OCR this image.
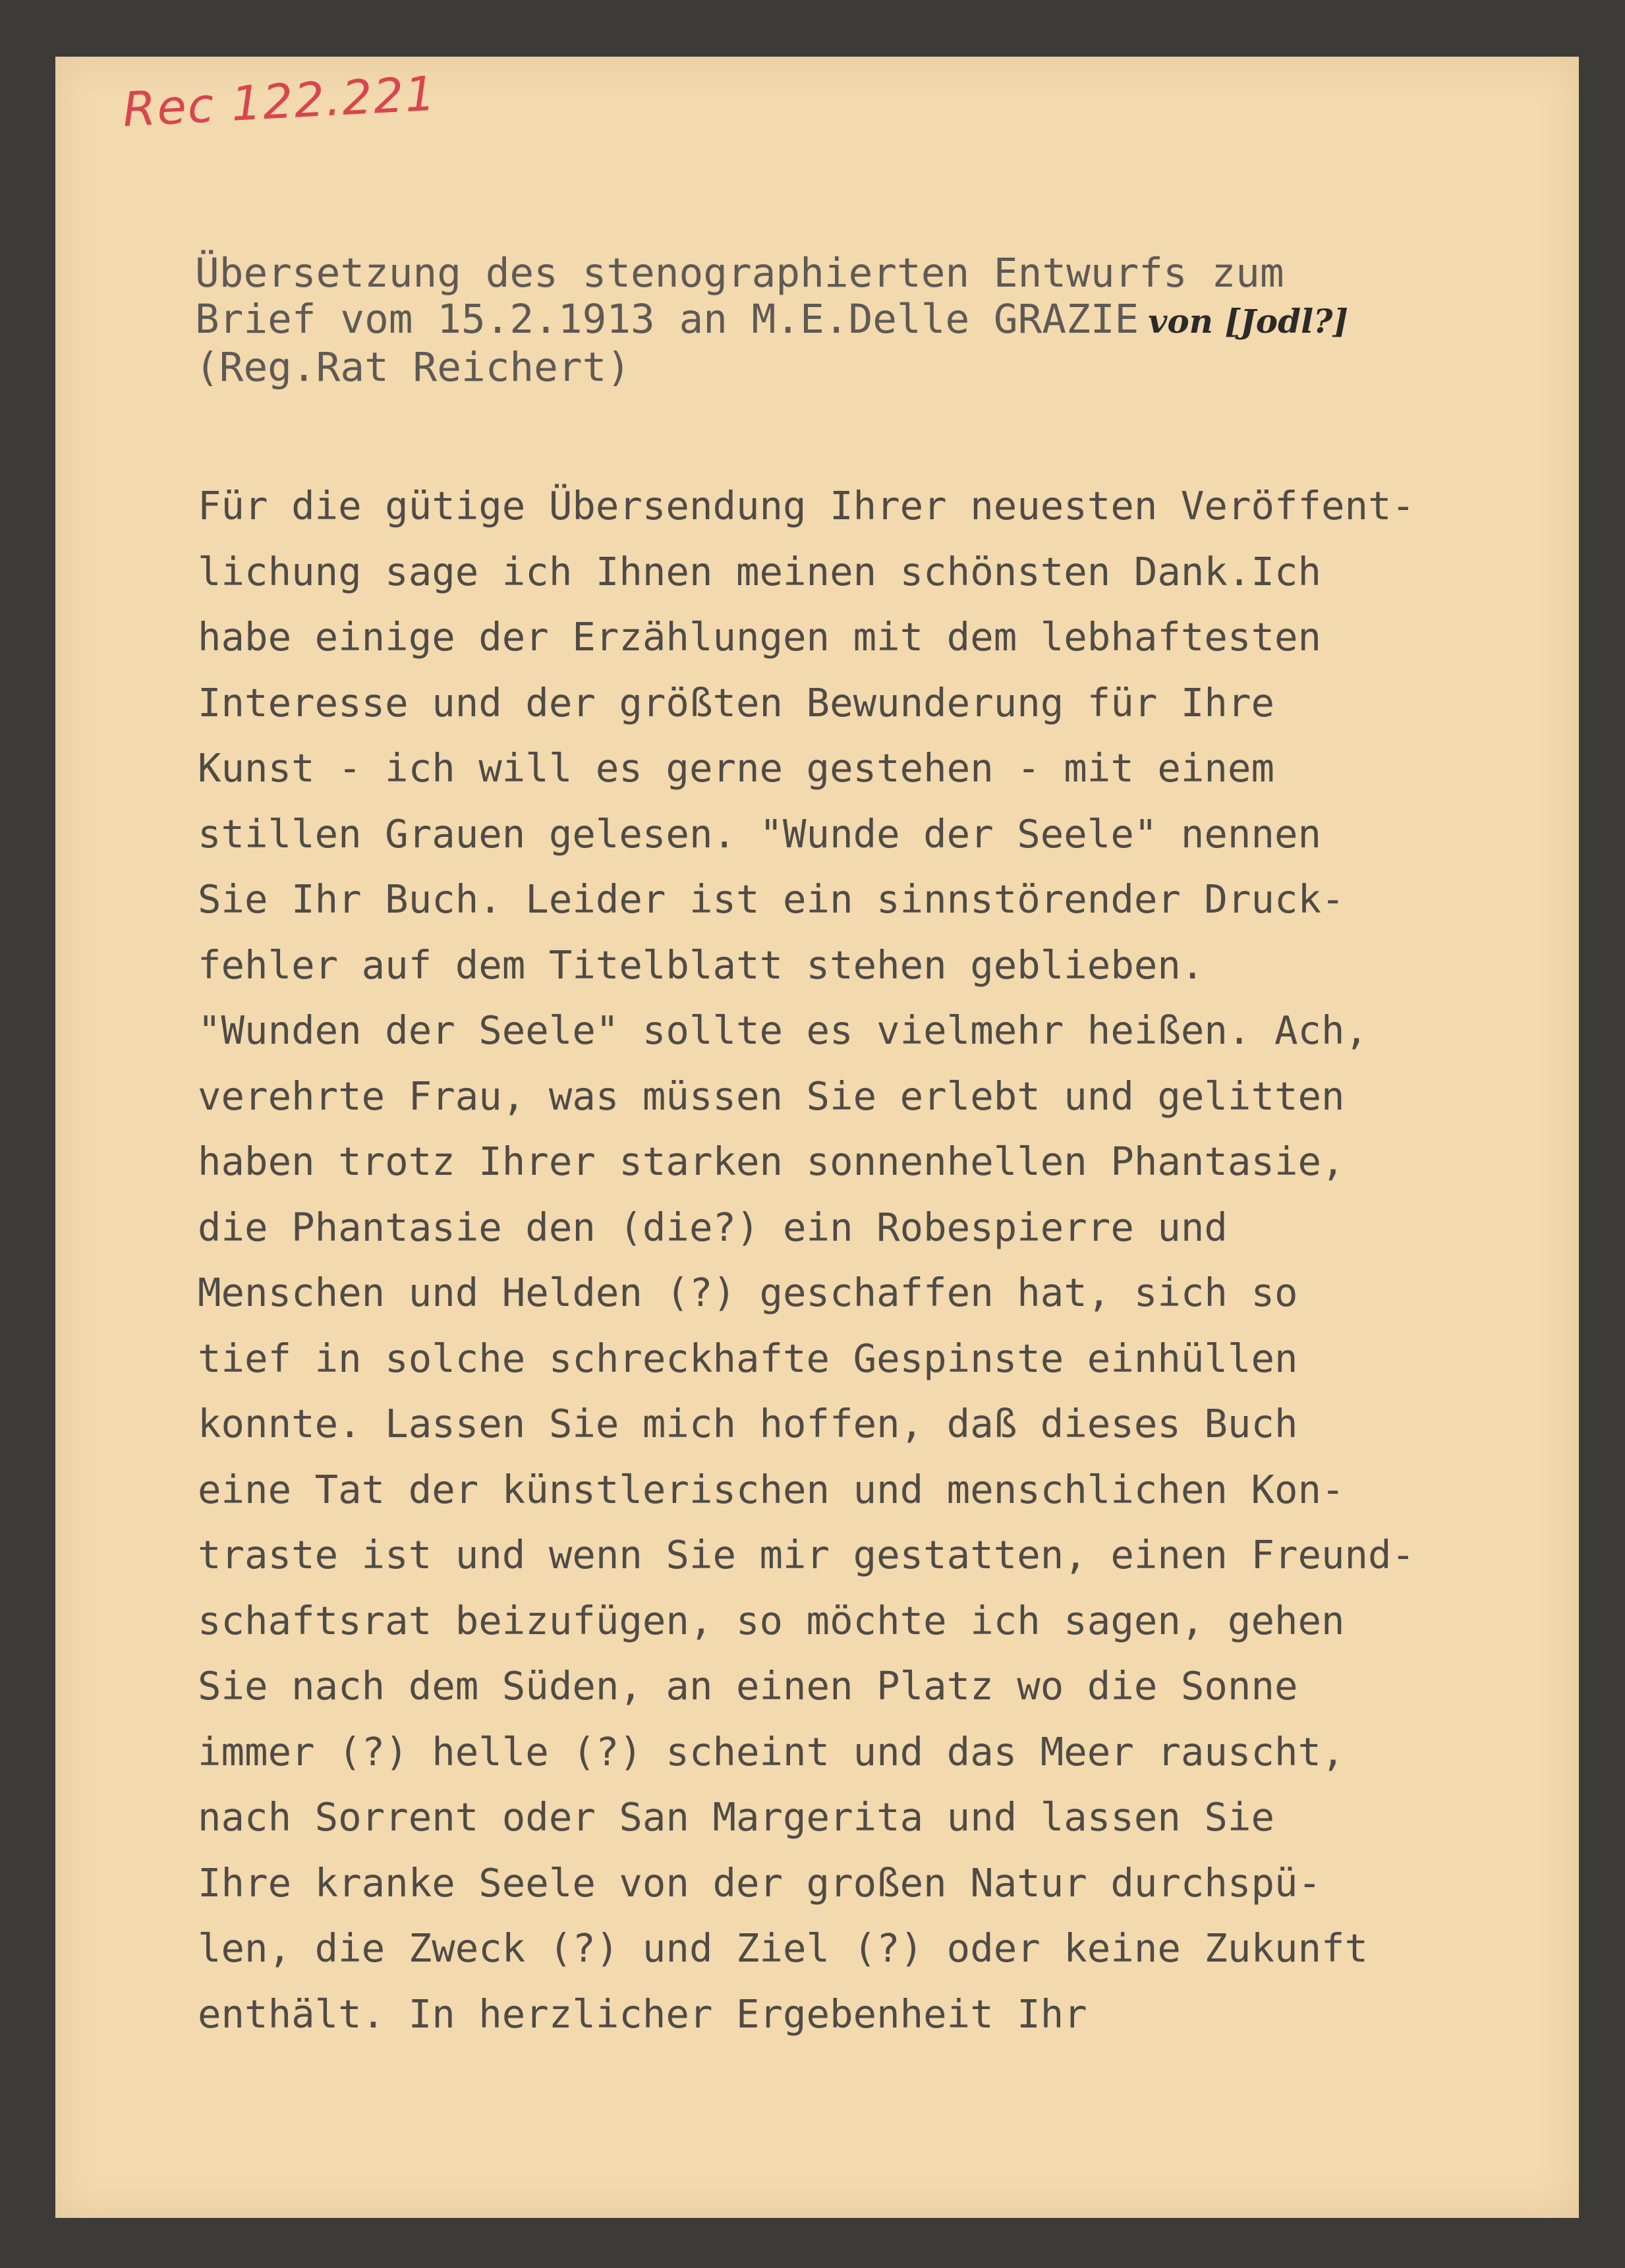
Rec 122.221
Übersetzung des stenographierten Entwurfs zum
Brief vom 15.2.1913 an M.E.Delle GRAZIE von [Jodl?]
(Reg.Rat Reichert)
Für die gütige Übersendung Ihrer neuesten Veröffent-
lichung sage ich Ihnen meinen schönsten Dank.Ich
habe einige der Erzählungen mit dem lebhaftesten
Interesse und der größten Bewunderung für Ihre
Kunst - ich will es gerne gestehen - mit einem
stillen Grauen gelesen. "Wunde der Seele" nennen
Sie Ihr Buch. Leider ist ein sinnstörender Druck-
fehler auf dem Titelblatt stehen geblieben.
"Wunden der Seele" sollte es vielmehr heißen. Ach,
verehrte Frau, was müssen Sie erlebt und gelitten
haben trotz Ihrer starken sonnenhellen Phantasie,
die Phantasie den (die?) ein Robespierre und
Menschen und Helden (?) geschaffen hat, sich so
tief in solche schreckhafte Gespinste einhüllen
konnte. Lassen Sie mich hoffen, daß dieses Buch
eine Tat der künstlerischen und menschlichen Kon-
traste ist und wenn Sie mir gestatten, einen Freund-
schaftsrat beizufügen, so möchte ich sagen, gehen
Sie nach dem Süden, an einen Platz wo die Sonne
immer (?) helle (?) scheint und das Meer rauscht,
nach Sorrent oder San Margerita und lassen Sie
Ihre kranke Seele von der großen Natur durchspü-
len, die Zweck (?) und Ziel (?) oder keine Zukunft
enthält. In herzlicher Ergebenheit Ihr
